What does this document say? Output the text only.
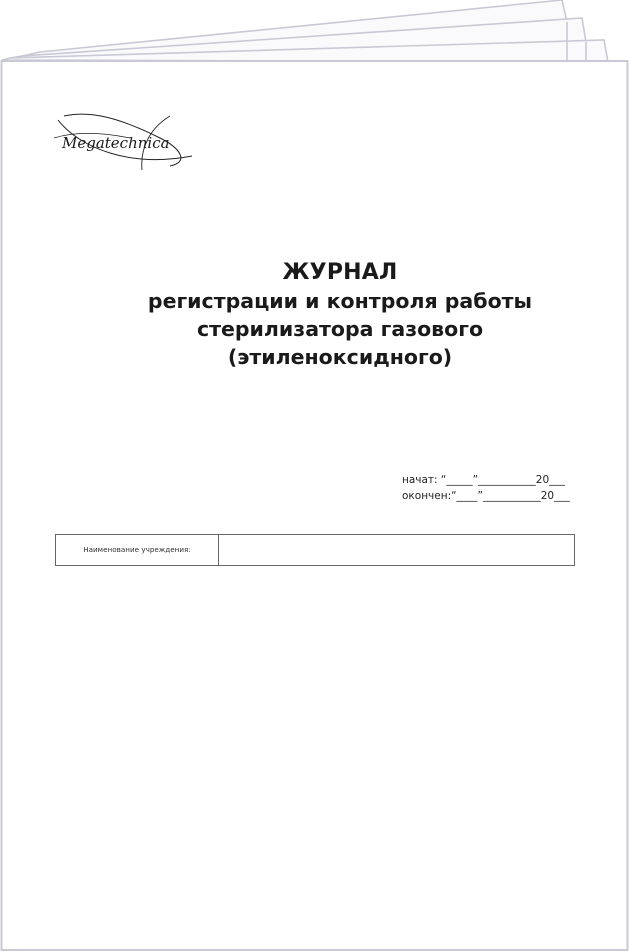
Megatechnica
ЖУРНАЛ
регистрации и контроля работы
стерилизатора газового
(этиленоксидного)
начат: “_____”___________20___
окончен:“____”___________20___
Наименование учреждения:
